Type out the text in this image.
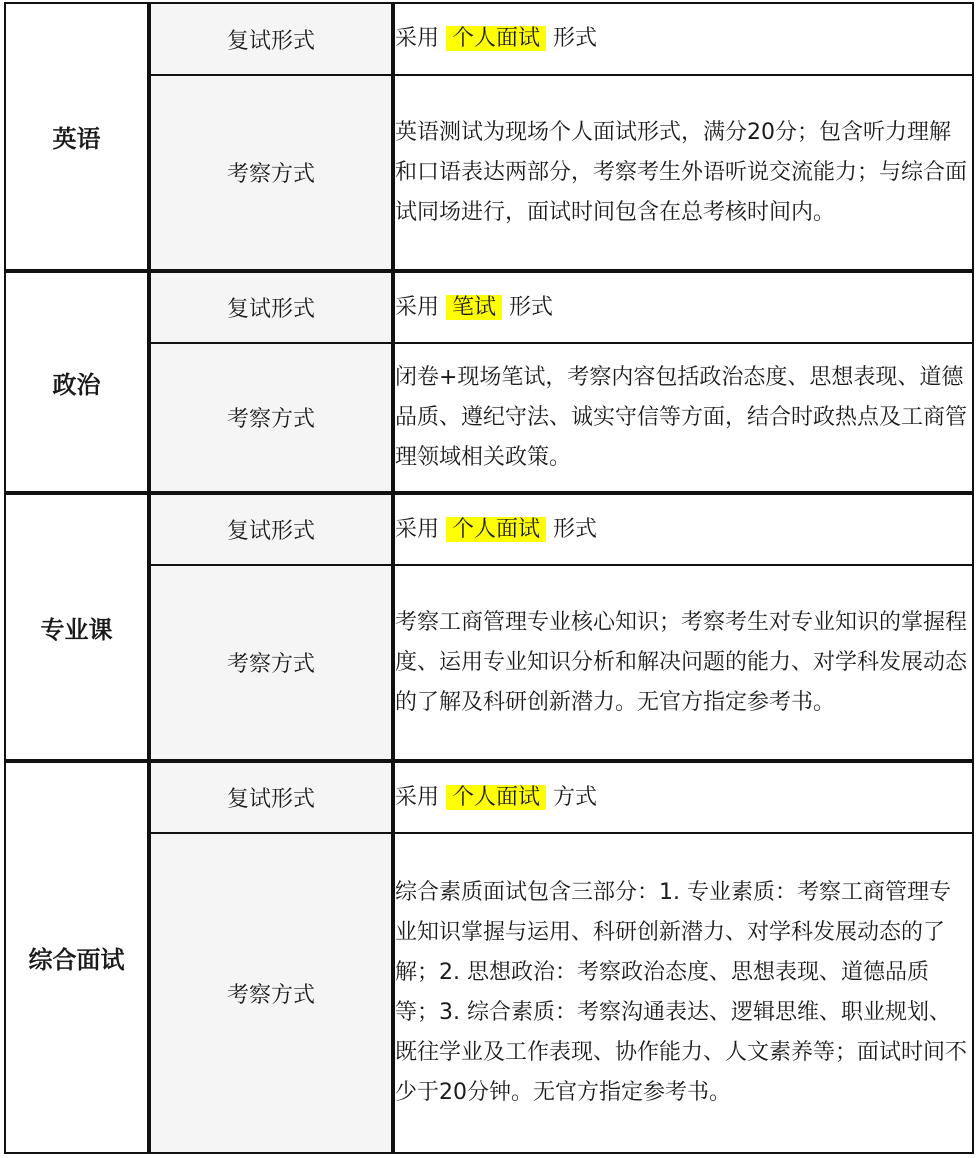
英语	复试形式	采用 个人面试 形式
	考察方式	英语测试为现场个人面试形式，满分20分；包含听力理解和口语表达两部分，考察考生外语听说交流能力；与综合面试同场进行，面试时间包含在总考核时间内。

政治	复试形式	采用 笔试 形式
	考察方式	闭卷+现场笔试，考察内容包括政治态度、思想表现、道德品质、遵纪守法、诚实守信等方面，结合时政热点及工商管理领域相关政策。

专业课	复试形式	采用 个人面试 形式
	考察方式	考察工商管理专业核心知识；考察考生对专业知识的掌握程度、运用专业知识分析和解决问题的能力、对学科发展动态的了解及科研创新潜力。无官方指定参考书。

综合面试	复试形式	采用 个人面试 方式
	考察方式	综合素质面试包含三部分：1. 专业素质：考察工商管理专业知识掌握与运用、科研创新潜力、对学科发展动态的了解；2. 思想政治：考察政治态度、思想表现、道德品质等；3. 综合素质：考察沟通表达、逻辑思维、职业规划、既往学业及工作表现、协作能力、人文素养等；面试时间不少于20分钟。无官方指定参考书。
